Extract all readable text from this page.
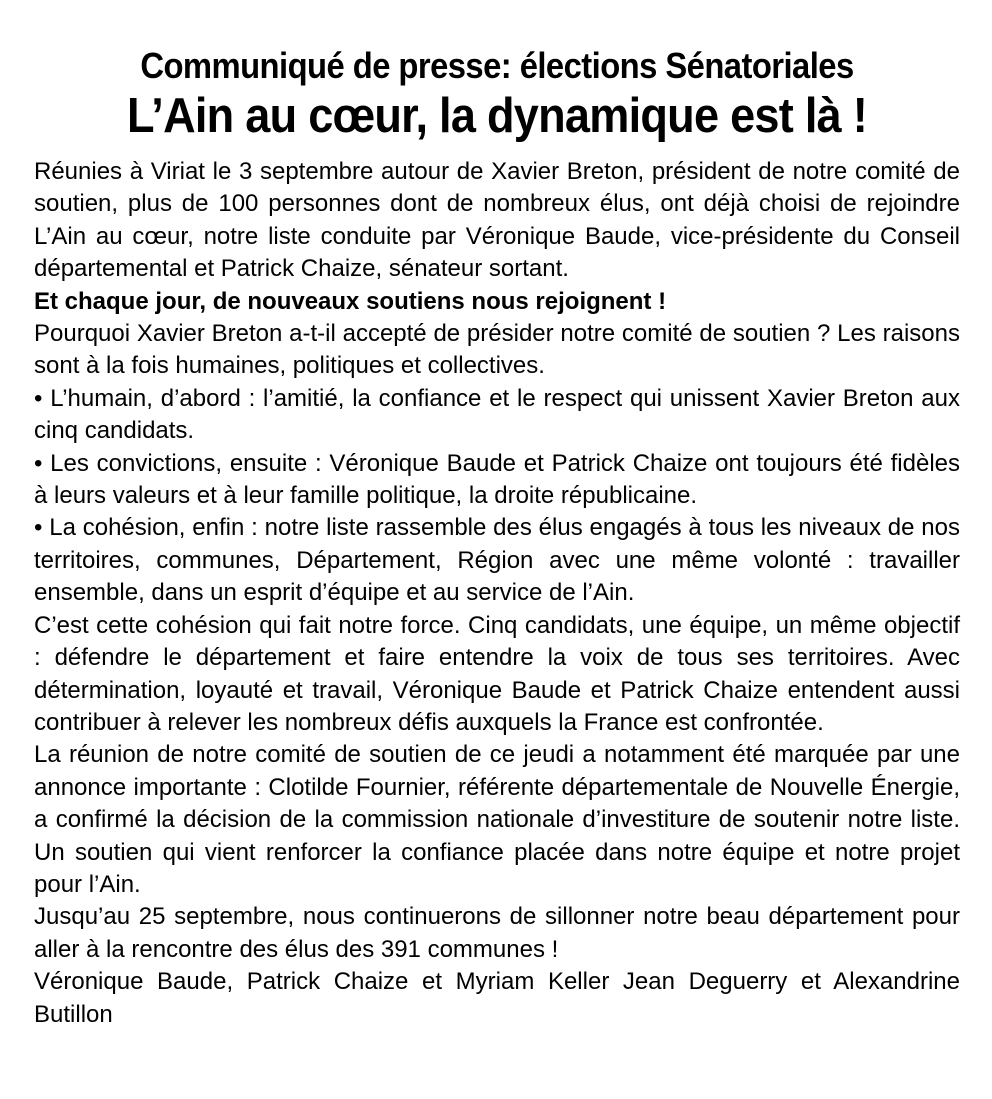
Communiqué de presse: élections Sénatoriales
L’Ain au cœur, la dynamique est là !

Réunies à Viriat le 3 septembre autour de Xavier Breton, président de notre comité de soutien, plus de 100 personnes dont de nombreux élus, ont déjà choisi de rejoindre L’Ain au cœur, notre liste conduite par Véronique Baude, vice-présidente du Conseil départemental et Patrick Chaize, sénateur sortant.

Et chaque jour, de nouveaux soutiens nous rejoignent !

Pourquoi Xavier Breton a-t-il accepté de présider notre comité de soutien ? Les raisons sont à la fois humaines, politiques et collectives.

• L’humain, d’abord : l’amitié, la confiance et le respect qui unissent Xavier Breton aux cinq candidats.

• Les convictions, ensuite : Véronique Baude et Patrick Chaize ont toujours été fidèles à leurs valeurs et à leur famille politique, la droite républicaine.

• La cohésion, enfin : notre liste rassemble des élus engagés à tous les niveaux de nos territoires, communes, Département, Région avec une même volonté : travailler ensemble, dans un esprit d’équipe et au service de l’Ain.

C’est cette cohésion qui fait notre force. Cinq candidats, une équipe, un même objectif : défendre le département et faire entendre la voix de tous ses territoires. Avec détermination, loyauté et travail, Véronique Baude et Patrick Chaize entendent aussi contribuer à relever les nombreux défis auxquels la France est confrontée.

La réunion de notre comité de soutien de ce jeudi a notamment été marquée par une annonce importante : Clotilde Fournier, référente départementale de Nouvelle Énergie, a confirmé la décision de la commission nationale d’investiture de soutenir notre liste. Un soutien qui vient renforcer la confiance placée dans notre équipe et notre projet pour l’Ain.

Jusqu’au 25 septembre, nous continuerons de sillonner notre beau département pour aller à la rencontre des élus des 391 communes !

Véronique Baude, Patrick Chaize et Myriam Keller Jean Deguerry et Alexandrine Butillon
